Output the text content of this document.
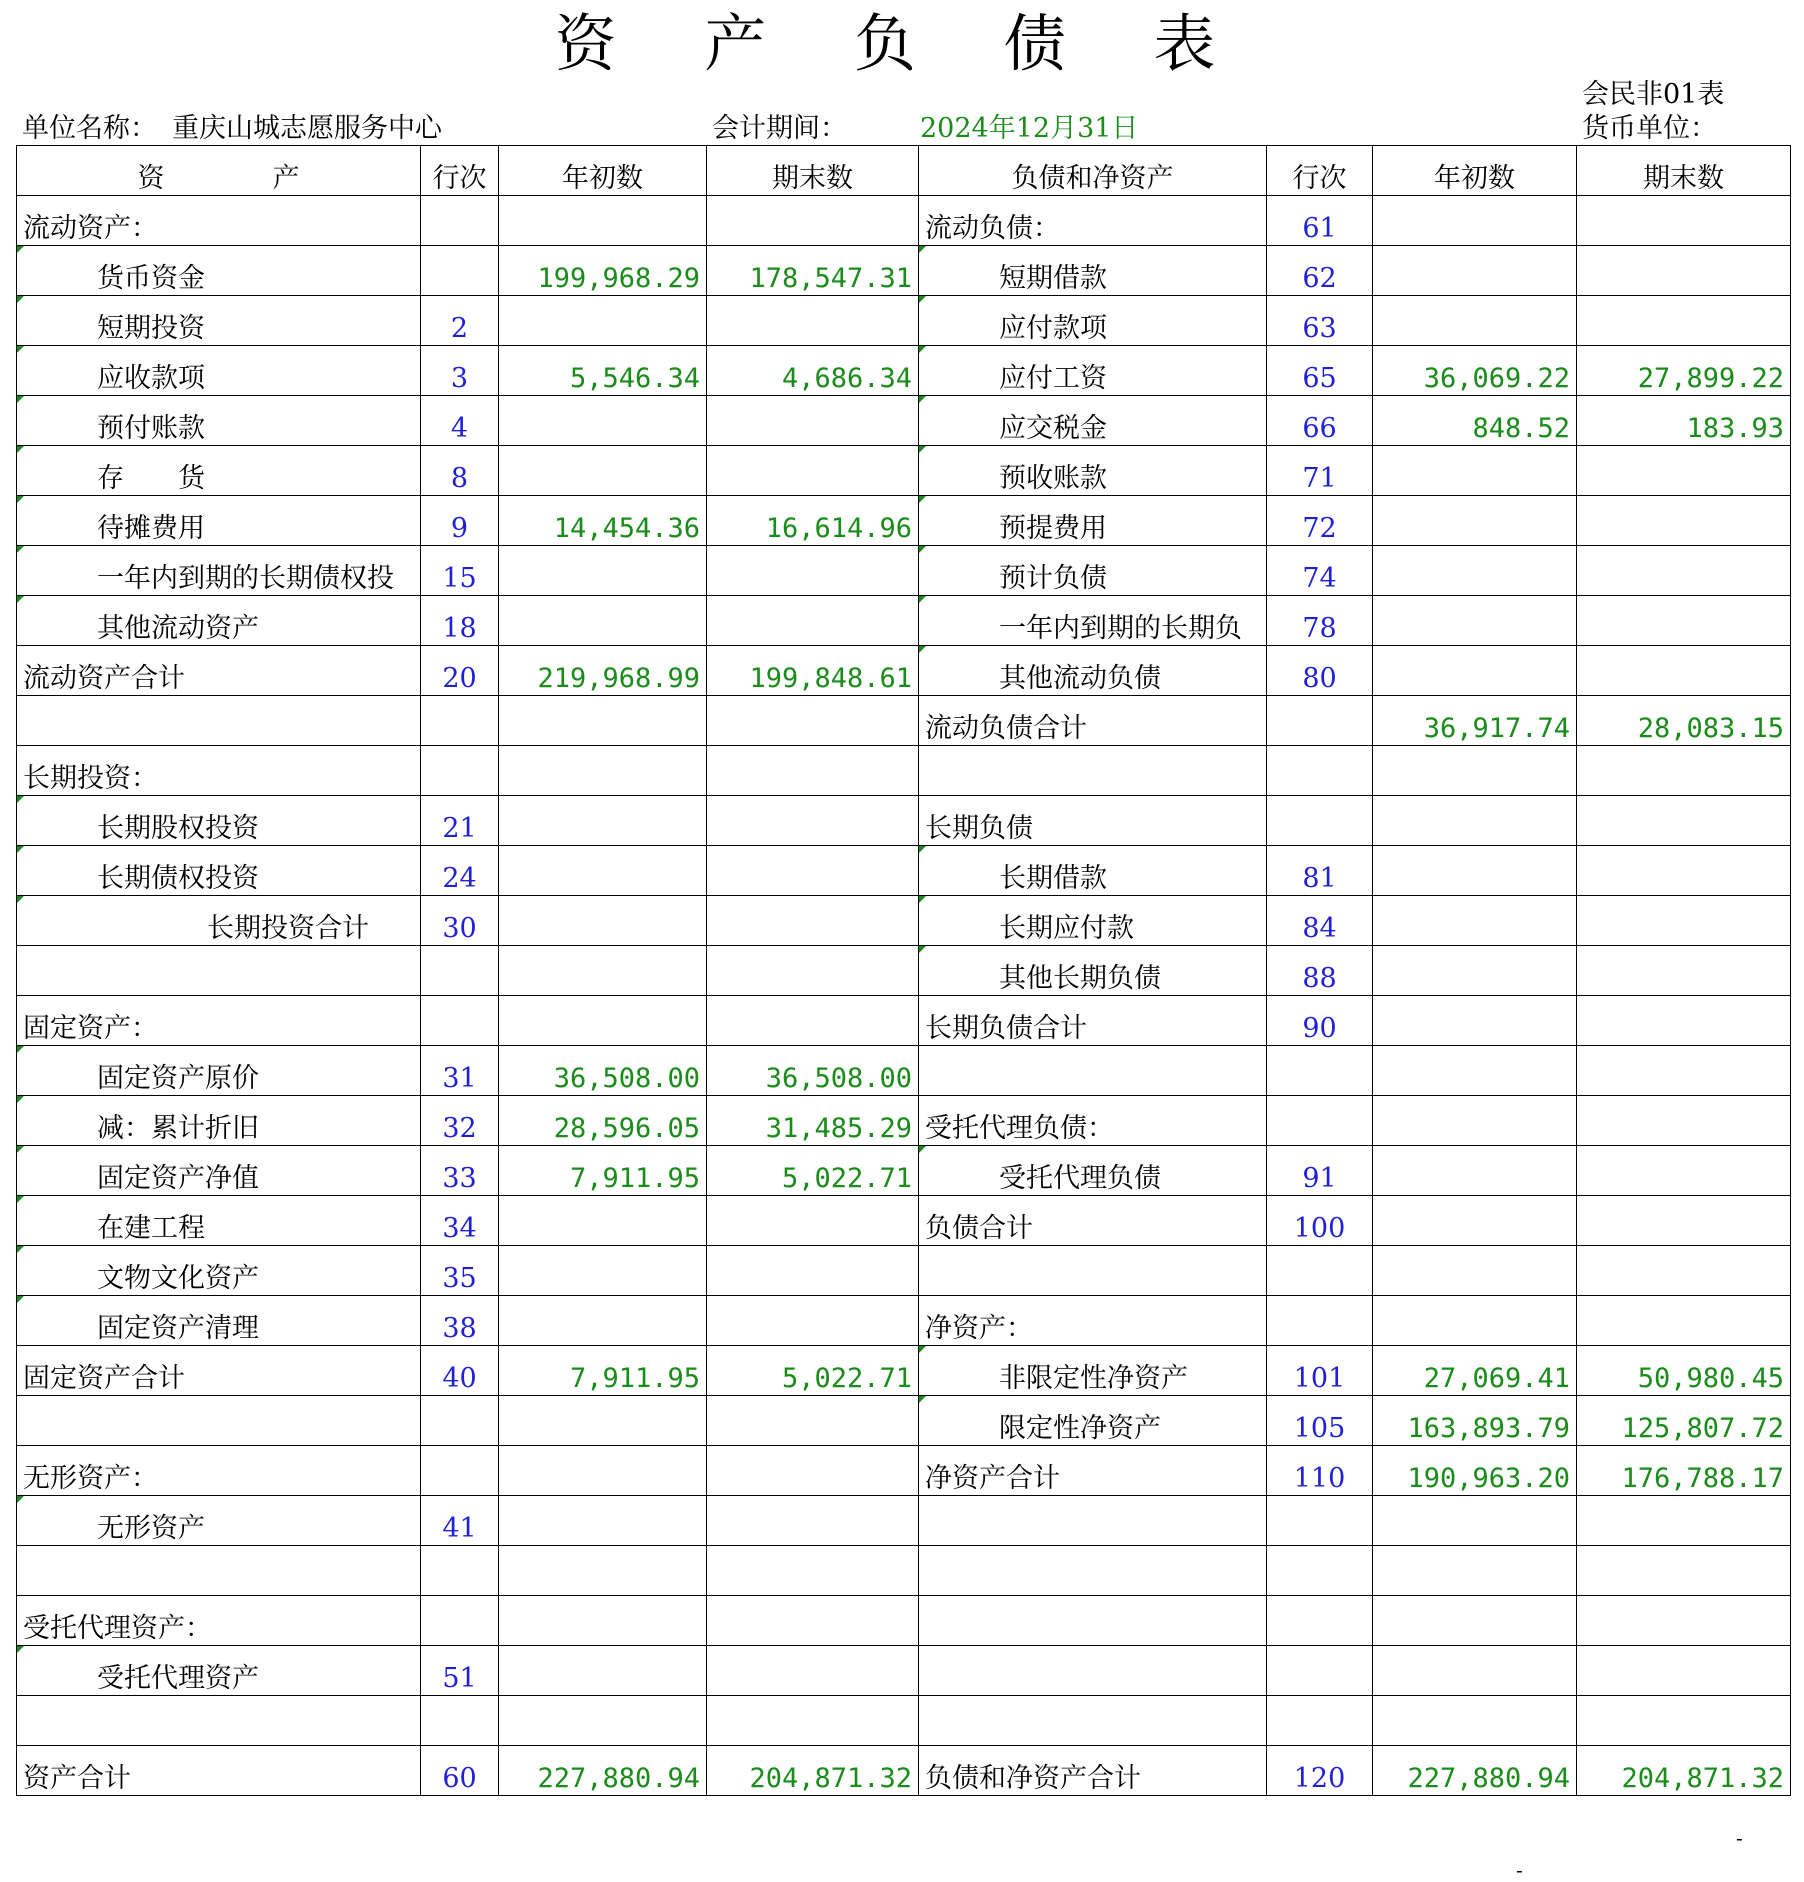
资 产 负 债 表
会民非01表
单位名称： 重庆山城志愿服务中心	会计期间：	2024年12月31日	货币单位：
资　　　　产	行次	年初数	期末数	负债和净资产	行次	年初数	期末数
流动资产：				流动负债：	61		
货币资金		199,968.29	178,547.31	短期借款	62		
短期投资	2			应付款项	63		
应收款项	3	5,546.34	4,686.34	应付工资	65	36,069.22	27,899.22
预付账款	4			应交税金	66	848.52	183.93
存　　货	8			预收账款	71		
待摊费用	9	14,454.36	16,614.96	预提费用	72		
一年内到期的长期债权投	15			预计负债	74		
其他流动资产	18			一年内到期的长期负	78		
流动资产合计	20	219,968.99	199,848.61	其他流动负债	80		
				流动负债合计		36,917.74	28,083.15
长期投资：							
长期股权投资	21			长期负债			
长期债权投资	24			长期借款	81		
长期投资合计	30			长期应付款	84		
				其他长期负债	88		
固定资产：				长期负债合计	90		
固定资产原价	31	36,508.00	36,508.00				
减：累计折旧	32	28,596.05	31,485.29	受托代理负债：			
固定资产净值	33	7,911.95	5,022.71	受托代理负债	91		
在建工程	34			负债合计	100		
文物文化资产	35						
固定资产清理	38			净资产：			
固定资产合计	40	7,911.95	5,022.71	非限定性净资产	101	27,069.41	50,980.45
				限定性净资产	105	163,893.79	125,807.72
无形资产：				净资产合计	110	190,963.20	176,788.17
无形资产	41						

受托代理资产：							
受托代理资产	51						

资产合计	60	227,880.94	204,871.32	负债和净资产合计	120	227,880.94	204,871.32
-
-
